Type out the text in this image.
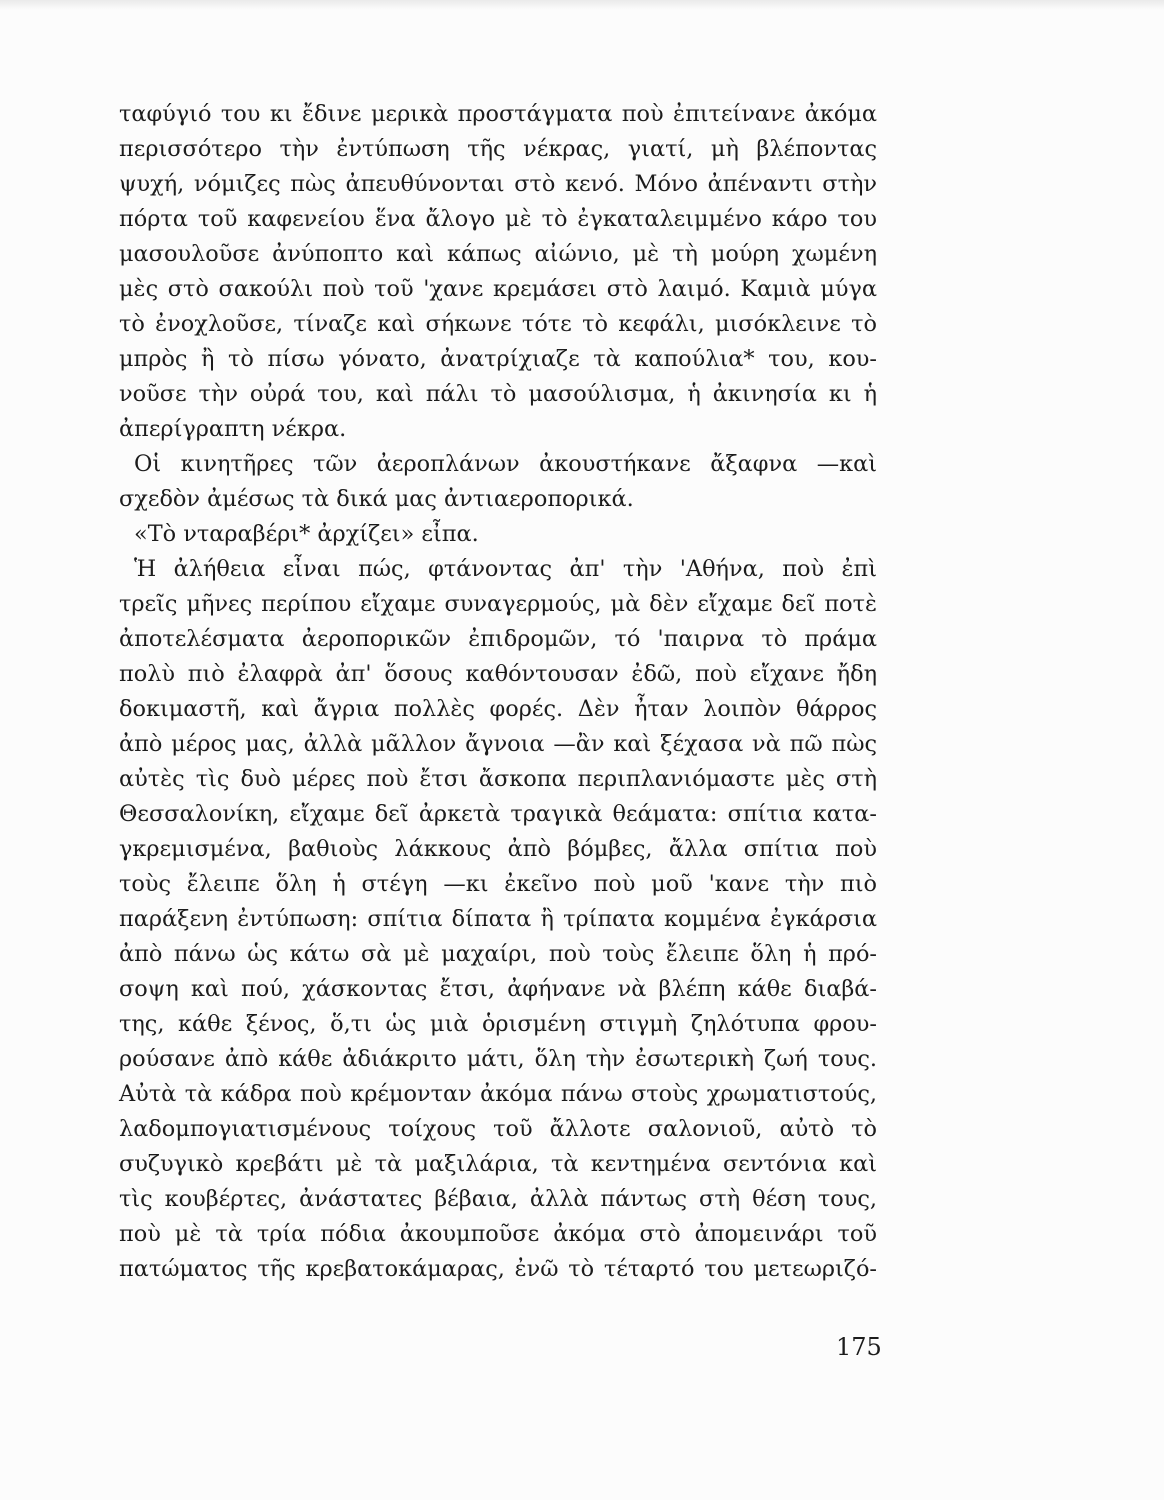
ταφύγιό του κι ἔδινε μερικὰ προστάγματα ποὺ ἐπιτείνανε ἀκόμα
περισσότερο τὴν ἐντύπωση τῆς νέκρας, γιατί, μὴ βλέποντας
ψυχή, νόμιζες πὼς ἀπευθύνονται στὸ κενό. Μόνο ἀπέναντι στὴν
πόρτα τοῦ καφενείου ἕνα ἄλογο μὲ τὸ ἐγκαταλειμμένο κάρο του
μασουλοῦσε ἀνύποπτο καὶ κάπως αἰώνιο, μὲ τὴ μούρη χωμένη
μὲς στὸ σακούλι ποὺ τοῦ 'χανε κρεμάσει στὸ λαιμό. Καμιὰ μύγα
τὸ ἐνοχλοῦσε, τίναζε καὶ σήκωνε τότε τὸ κεφάλι, μισόκλεινε τὸ
μπρὸς ἢ τὸ πίσω γόνατο, ἀνατρίχιαζε τὰ καπούλια* του, κου-
νοῦσε τὴν οὐρά του, καὶ πάλι τὸ μασούλισμα, ἡ ἀκινησία κι ἡ
ἀπερίγραπτη νέκρα.
Οἱ κινητῆρες τῶν ἀεροπλάνων ἀκουστήκανε ἄξαφνα —καὶ
σχεδὸν ἀμέσως τὰ δικά μας ἀντιαεροπορικά.
«Τὸ νταραβέρι* ἀρχίζει» εἶπα.
Ἡ ἀλήθεια εἶναι πώς, φτάνοντας ἀπ' τὴν 'Αθήνα, ποὺ ἐπὶ
τρεῖς μῆνες περίπου εἴχαμε συναγερμούς, μὰ δὲν εἴχαμε δεῖ ποτὲ
ἀποτελέσματα ἀεροπορικῶν ἐπιδρομῶν, τό 'παιρνα τὸ πράμα
πολὺ πιὸ ἐλαφρὰ ἀπ' ὅσους καθόντουσαν ἐδῶ, ποὺ εἴχανε ἤδη
δοκιμαστῆ, καὶ ἄγρια πολλὲς φορές. Δὲν ἦταν λοιπὸν θάρρος
ἀπὸ μέρος μας, ἀλλὰ μᾶλλον ἄγνοια —ἂν καὶ ξέχασα νὰ πῶ πὼς
αὐτὲς τὶς δυὸ μέρες ποὺ ἔτσι ἄσκοπα περιπλανιόμαστε μὲς στὴ
Θεσσαλονίκη, εἴχαμε δεῖ ἀρκετὰ τραγικὰ θεάματα: σπίτια κατα-
γκρεμισμένα, βαθιοὺς λάκκους ἀπὸ βόμβες, ἄλλα σπίτια ποὺ
τοὺς ἔλειπε ὅλη ἡ στέγη —κι ἐκεῖνο ποὺ μοῦ 'κανε τὴν πιὸ
παράξενη ἐντύπωση: σπίτια δίπατα ἢ τρίπατα κομμένα ἐγκάρσια
ἀπὸ πάνω ὡς κάτω σὰ μὲ μαχαίρι, ποὺ τοὺς ἔλειπε ὅλη ἡ πρό-
σοψη καὶ πού, χάσκοντας ἔτσι, ἀφήνανε νὰ βλέπη κάθε διαβά-
της, κάθε ξένος, ὅ,τι ὡς μιὰ ὁρισμένη στιγμὴ ζηλότυπα φρου-
ρούσανε ἀπὸ κάθε ἀδιάκριτο μάτι, ὅλη τὴν ἐσωτερικὴ ζωή τους.
Αὐτὰ τὰ κάδρα ποὺ κρέμονταν ἀκόμα πάνω στοὺς χρωματιστούς,
λαδομπογιατισμένους τοίχους τοῦ ἄλλοτε σαλονιοῦ, αὐτὸ τὸ
συζυγικὸ κρεβάτι μὲ τὰ μαξιλάρια, τὰ κεντημένα σεντόνια καὶ
τὶς κουβέρτες, ἀνάστατες βέβαια, ἀλλὰ πάντως στὴ θέση τους,
ποὺ μὲ τὰ τρία πόδια ἀκουμποῦσε ἀκόμα στὸ ἀπομεινάρι τοῦ
πατώματος τῆς κρεβατοκάμαρας, ἐνῶ τὸ τέταρτό του μετεωριζό-
175
